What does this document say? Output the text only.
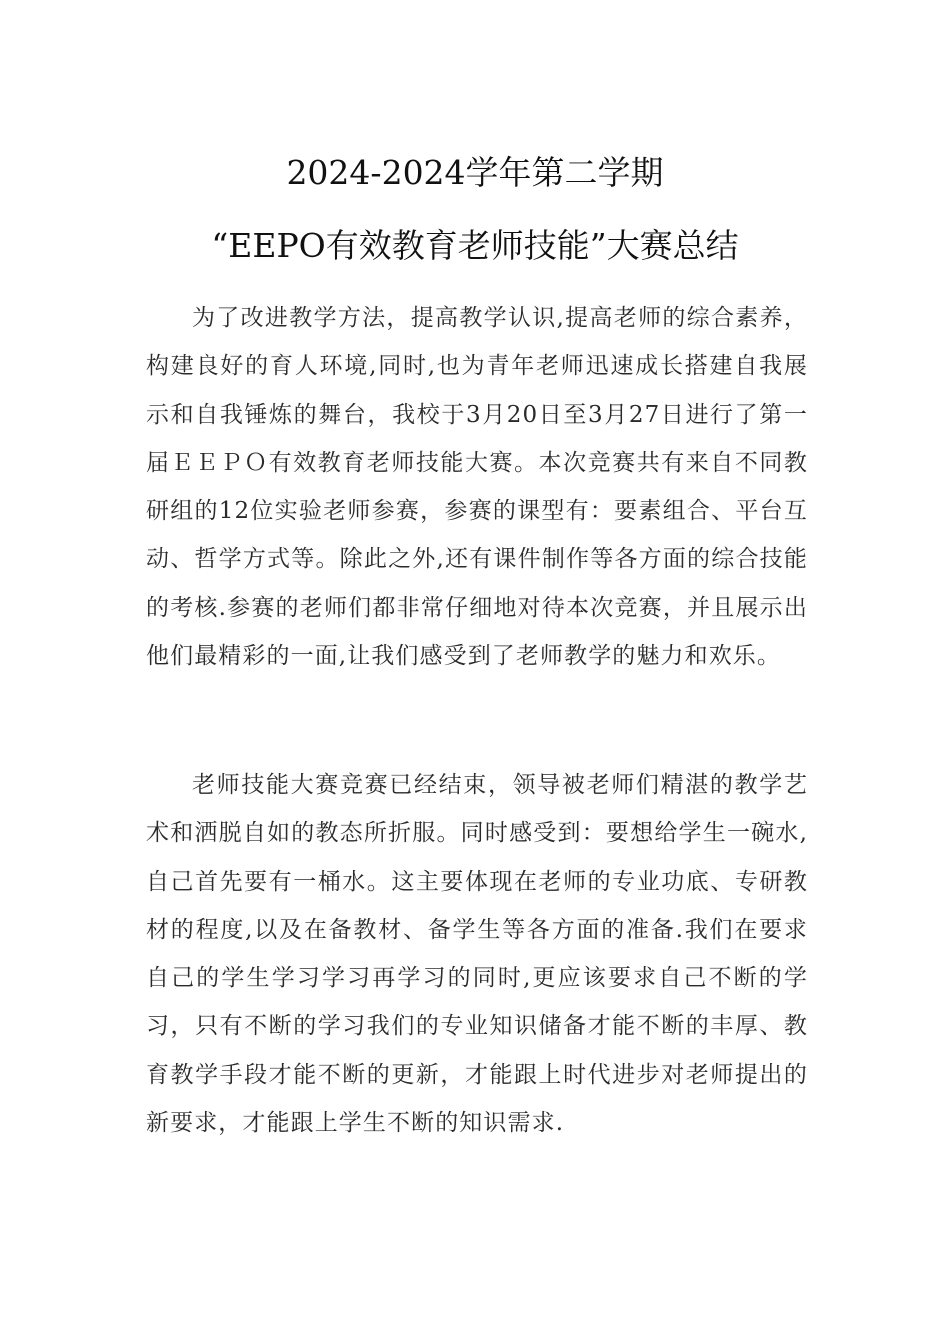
2024-2024学年第二学期
“EEPO有效教育老师技能”大赛总结

为了改进教学方法，提高教学认识,提高老师的综合素养，构建良好的育人环境,同时,也为青年老师迅速成长搭建自我展示和自我锤炼的舞台，我校于3月20日至3月27日进行了第一届ＥＥＰＯ有效教育老师技能大赛。本次竞赛共有来自不同教研组的12位实验老师参赛，参赛的课型有：要素组合、平台互动、哲学方式等。除此之外,还有课件制作等各方面的综合技能的考核.参赛的老师们都非常仔细地对待本次竞赛，并且展示出他们最精彩的一面,让我们感受到了老师教学的魅力和欢乐。

老师技能大赛竞赛已经结束，领导被老师们精湛的教学艺术和洒脱自如的教态所折服。同时感受到：要想给学生一碗水,自己首先要有一桶水。这主要体现在老师的专业功底、专研教材的程度,以及在备教材、备学生等各方面的准备.我们在要求自己的学生学习学习再学习的同时,更应该要求自己不断的学习，只有不断的学习我们的专业知识储备才能不断的丰厚、教育教学手段才能不断的更新，才能跟上时代进步对老师提出的新要求，才能跟上学生不断的知识需求.
